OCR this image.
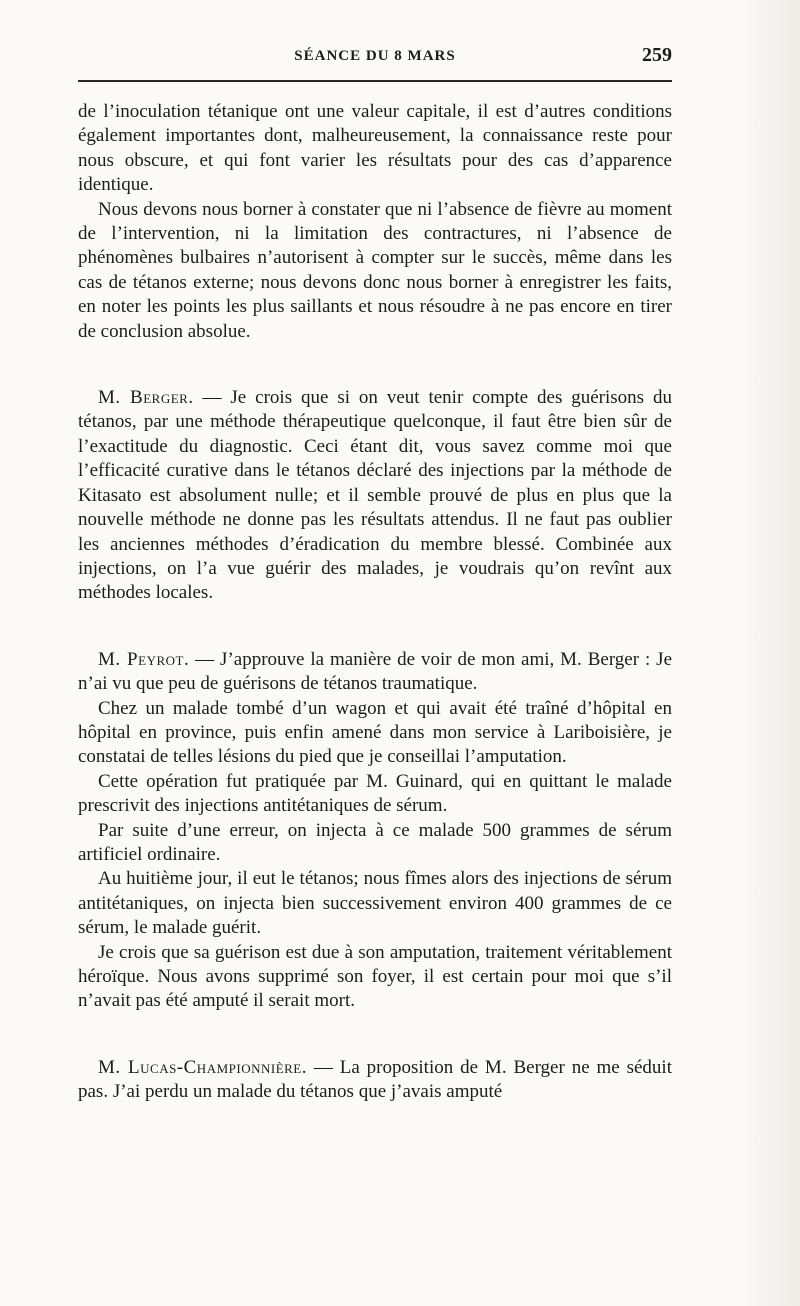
SÉANCE DU 8 MARS	259

de l’inoculation tétanique ont une valeur capitale, il est d’autres conditions également importantes dont, malheureusement, la connaissance reste pour nous obscure, et qui font varier les résultats pour des cas d’apparence identique.

Nous devons nous borner à constater que ni l’absence de fièvre au moment de l’intervention, ni la limitation des contractures, ni l’absence de phénomènes bulbaires n’autorisent à compter sur le succès, même dans les cas de tétanos externe; nous devons donc nous borner à enregistrer les faits, en noter les points les plus saillants et nous résoudre à ne pas encore en tirer de conclusion absolue.

M. Berger. — Je crois que si on veut tenir compte des guérisons du tétanos, par une méthode thérapeutique quelconque, il faut être bien sûr de l’exactitude du diagnostic. Ceci étant dit, vous savez comme moi que l’efficacité curative dans le tétanos déclaré des injections par la méthode de Kitasato est absolument nulle; et il semble prouvé de plus en plus que la nouvelle méthode ne donne pas les résultats attendus. Il ne faut pas oublier les anciennes méthodes d’éradication du membre blessé. Combinée aux injections, on l’a vue guérir des malades, je voudrais qu’on revînt aux méthodes locales.

M. Peyrot. — J’approuve la manière de voir de mon ami, M. Berger : Je n’ai vu que peu de guérisons de tétanos traumatique.

Chez un malade tombé d’un wagon et qui avait été traîné d’hôpital en hôpital en province, puis enfin amené dans mon service à Lariboisière, je constatai de telles lésions du pied que je conseillai l’amputation.

Cette opération fut pratiquée par M. Guinard, qui en quittant le malade prescrivit des injections antitétaniques de sérum.

Par suite d’une erreur, on injecta à ce malade 500 grammes de sérum artificiel ordinaire.

Au huitième jour, il eut le tétanos; nous fîmes alors des injections de sérum antitétaniques, on injecta bien successivement environ 400 grammes de ce sérum, le malade guérit.

Je crois que sa guérison est due à son amputation, traitement véritablement héroïque. Nous avons supprimé son foyer, il est certain pour moi que s’il n’avait pas été amputé il serait mort.

M. Lucas-Championnière. — La proposition de M. Berger ne me séduit pas. J’ai perdu un malade du tétanos que j’avais amputé
